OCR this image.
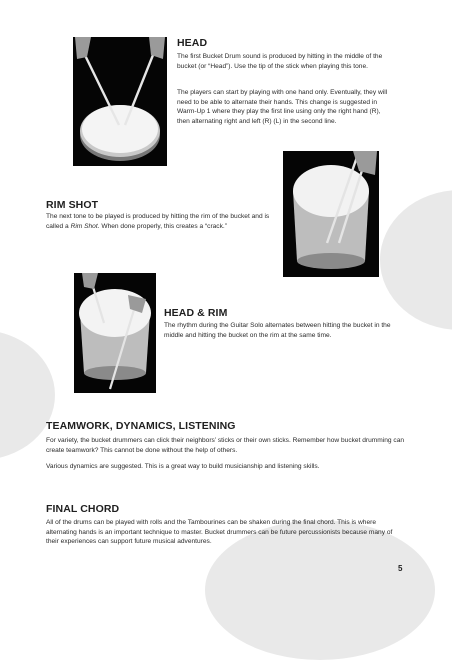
HEAD

The first Bucket Drum sound is produced by hitting in the middle of the bucket (or “Head”). Use the tip of the stick when playing this tone.

The players can start by playing with one hand only. Eventually, they will need to be able to alternate their hands. This change is suggested in Warm-Up 1 where they play the first line using only the right hand (R), then alternating right and left (R) (L) in the second line.

RIM SHOT

The next tone to be played is produced by hitting the rim of the bucket and is called a Rim Shot. When done properly, this creates a “crack.”

HEAD & RIM

The rhythm during the Guitar Solo alternates between hitting the bucket in the middle and hitting the bucket on the rim at the same time.

TEAMWORK, DYNAMICS, LISTENING

For variety, the bucket drummers can click their neighbors’ sticks or their own sticks. Remember how bucket drumming can create teamwork? This cannot be done without the help of others.

Various dynamics are suggested. This is a great way to build musicianship and listening skills.

FINAL CHORD

All of the drums can be played with rolls and the Tambourines can be shaken during the final chord. This is where alternating hands is an important technique to master. Bucket drummers can be future percussionists because many of their experiences can support future musical adventures.

5
